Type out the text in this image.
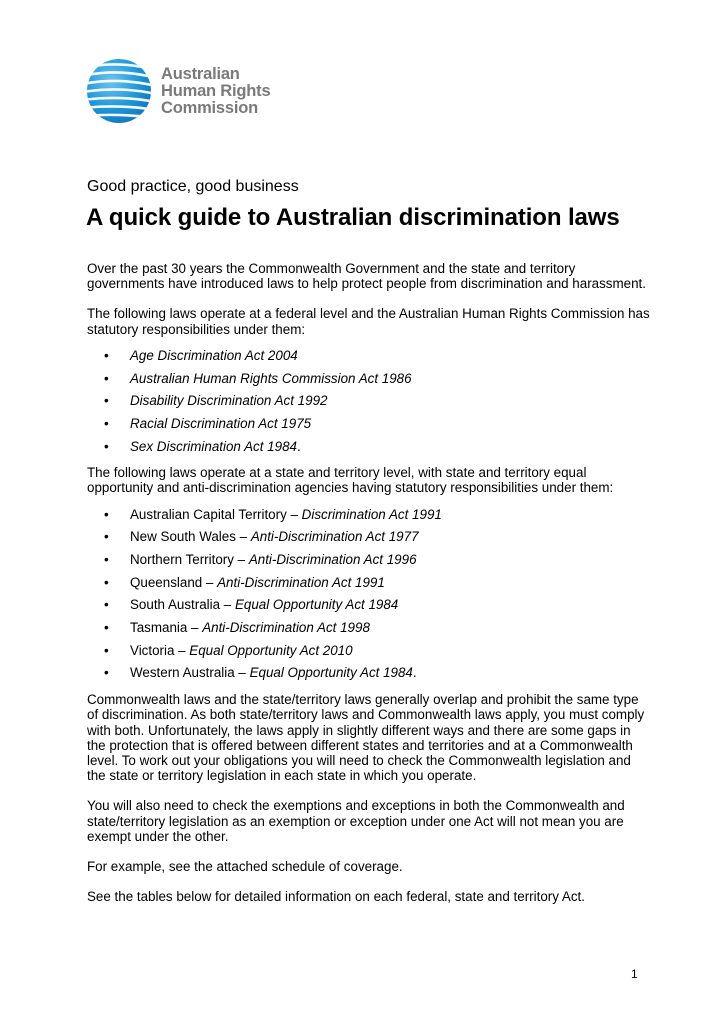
Australian
Human Rights
Commission
Good practice, good business
A quick guide to Australian discrimination laws

Over the past 30 years the Commonwealth Government and the state and territory governments have introduced laws to help protect people from discrimination and harassment.

The following laws operate at a federal level and the Australian Human Rights Commission has statutory responsibilities under them:

• Age Discrimination Act 2004
• Australian Human Rights Commission Act 1986
• Disability Discrimination Act 1992
• Racial Discrimination Act 1975
• Sex Discrimination Act 1984.

The following laws operate at a state and territory level, with state and territory equal opportunity and anti-discrimination agencies having statutory responsibilities under them:

• Australian Capital Territory – Discrimination Act 1991
• New South Wales – Anti-Discrimination Act 1977
• Northern Territory – Anti-Discrimination Act 1996
• Queensland – Anti-Discrimination Act 1991
• South Australia – Equal Opportunity Act 1984
• Tasmania – Anti-Discrimination Act 1998
• Victoria – Equal Opportunity Act 2010
• Western Australia – Equal Opportunity Act 1984.

Commonwealth laws and the state/territory laws generally overlap and prohibit the same type of discrimination. As both state/territory laws and Commonwealth laws apply, you must comply with both. Unfortunately, the laws apply in slightly different ways and there are some gaps in the protection that is offered between different states and territories and at a Commonwealth level. To work out your obligations you will need to check the Commonwealth legislation and the state or territory legislation in each state in which you operate.

You will also need to check the exemptions and exceptions in both the Commonwealth and state/territory legislation as an exemption or exception under one Act will not mean you are exempt under the other.

For example, see the attached schedule of coverage.

See the tables below for detailed information on each federal, state and territory Act.

1
